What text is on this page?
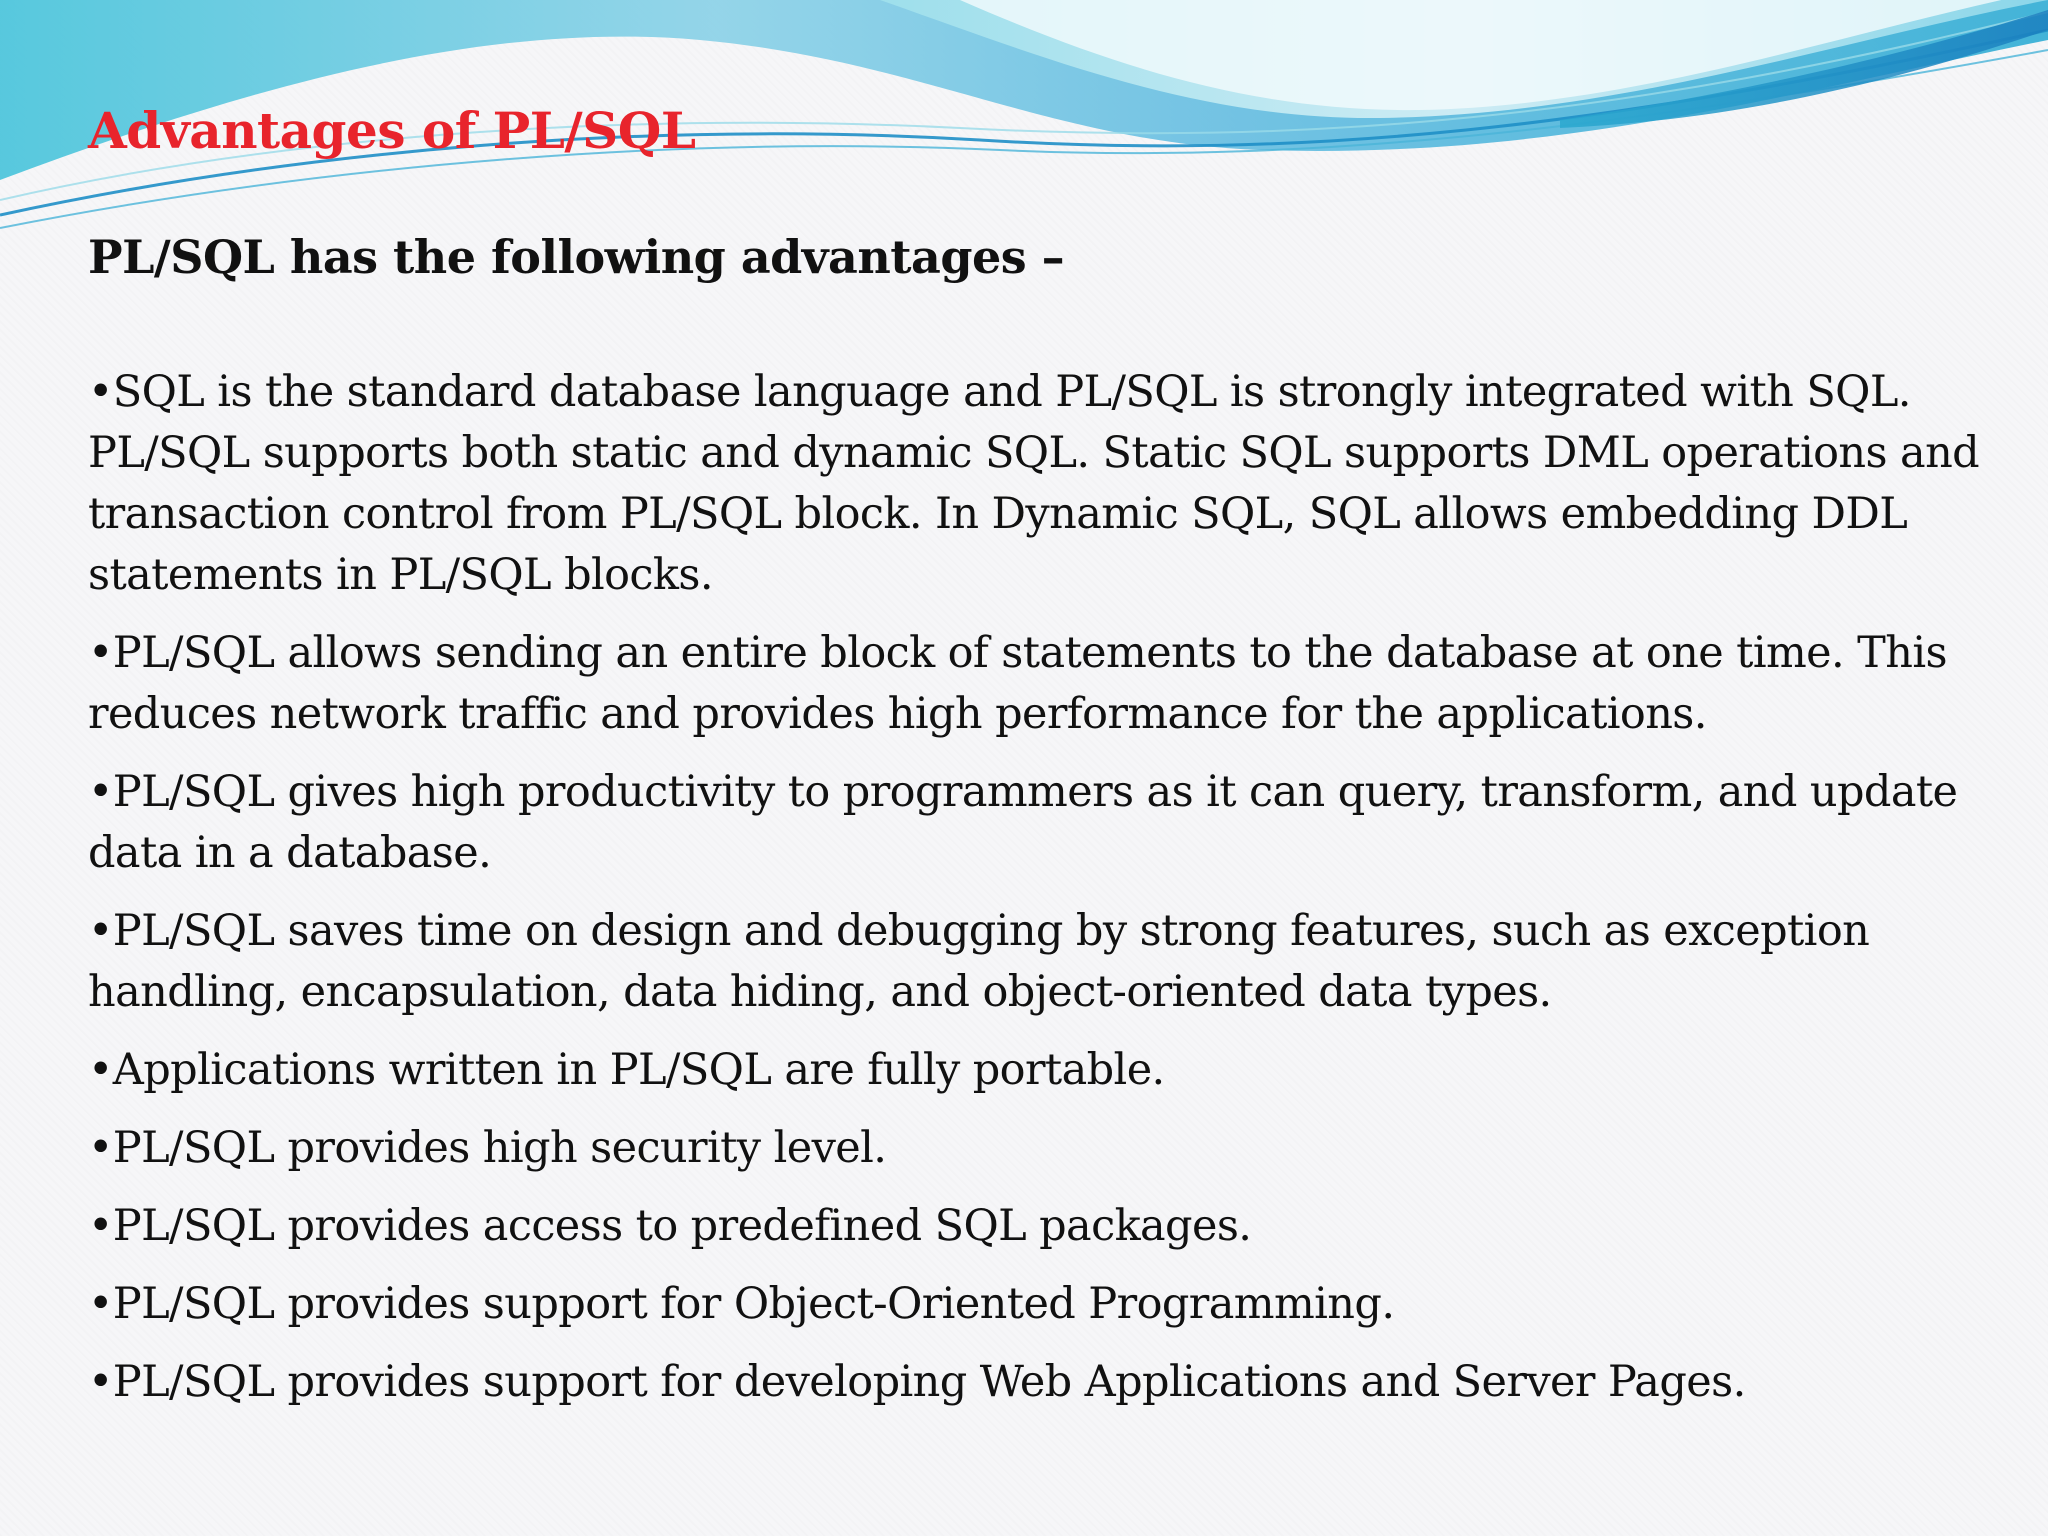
Advantages of PL/SQL

PL/SQL has the following advantages –

• SQL is the standard database language and PL/SQL is strongly integrated with SQL. PL/SQL supports both static and dynamic SQL. Static SQL supports DML operations and transaction control from PL/SQL block. In Dynamic SQL, SQL allows embedding DDL statements in PL/SQL blocks.
• PL/SQL allows sending an entire block of statements to the database at one time. This reduces network traffic and provides high performance for the applications.
• PL/SQL gives high productivity to programmers as it can query, transform, and update data in a database.
• PL/SQL saves time on design and debugging by strong features, such as exception handling, encapsulation, data hiding, and object-oriented data types.
• Applications written in PL/SQL are fully portable.
• PL/SQL provides high security level.
• PL/SQL provides access to predefined SQL packages.
• PL/SQL provides support for Object-Oriented Programming.
• PL/SQL provides support for developing Web Applications and Server Pages.
